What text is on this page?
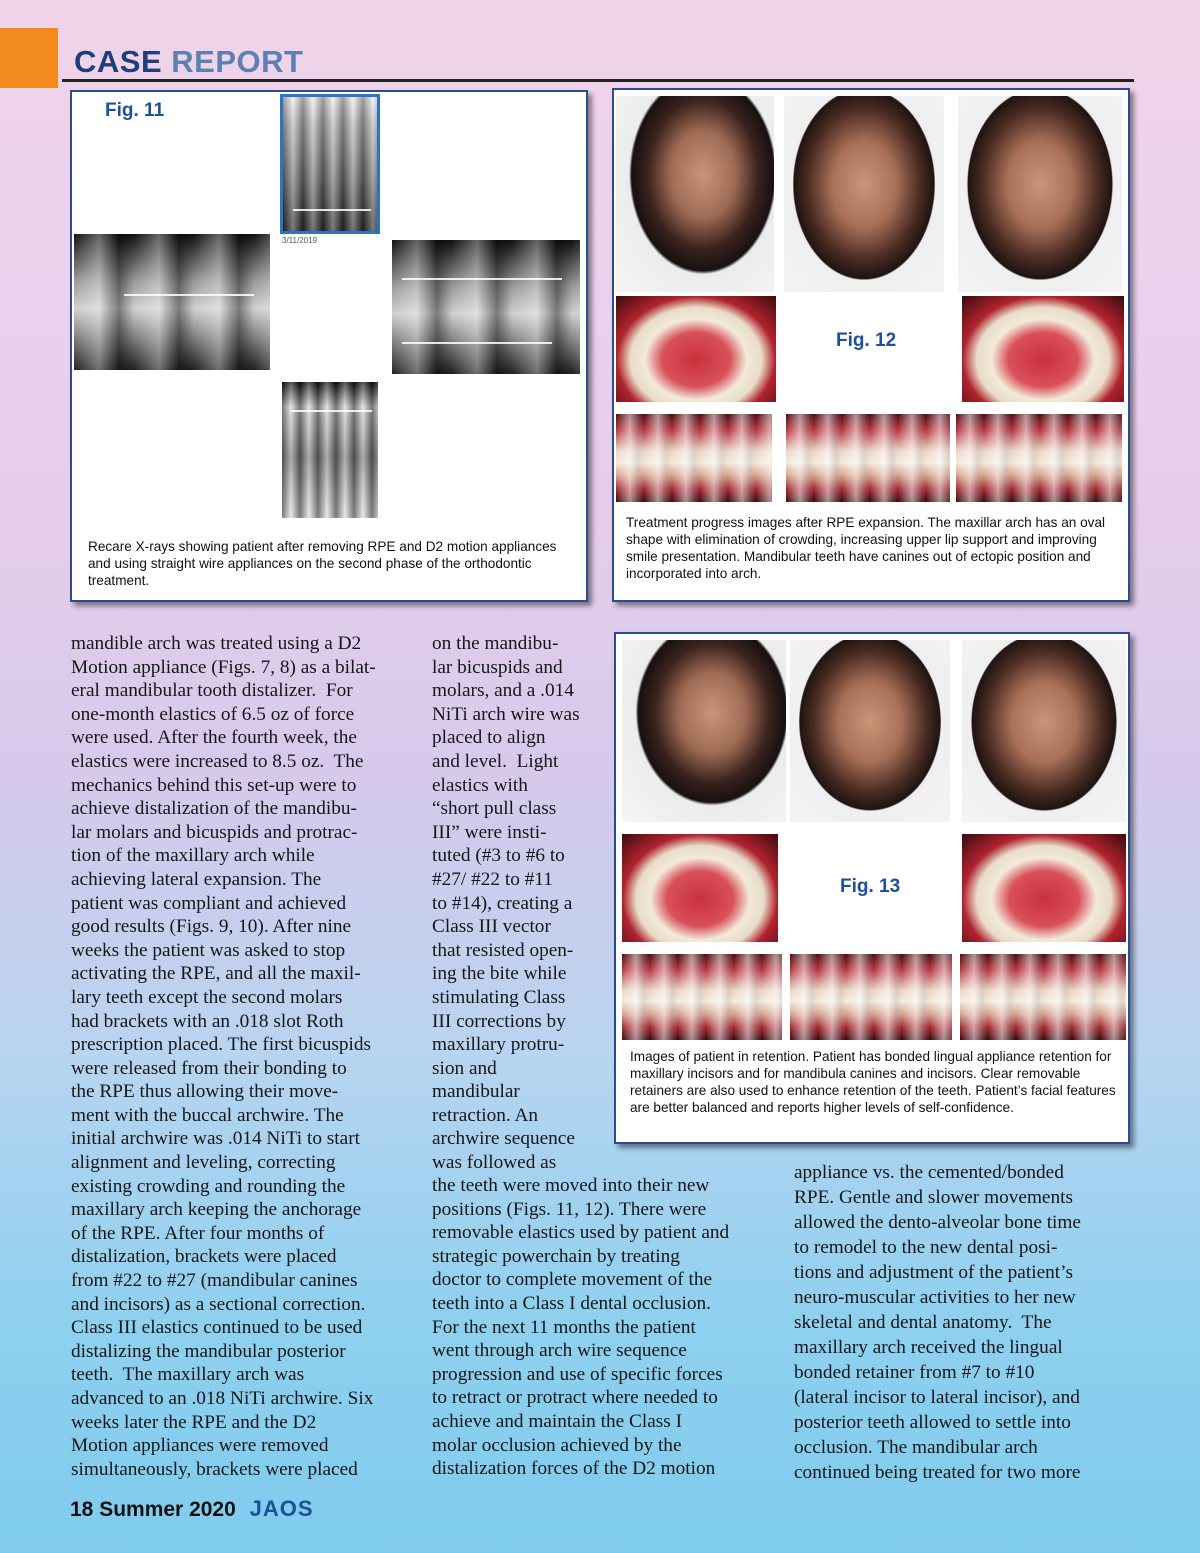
CASE REPORT
Fig. 11
3/11/2019
Recare X-rays showing patient after removing RPE and D2 motion appliances and using straight wire appliances on the second phase of the orthodontic treatment.
Fig. 12
Treatment progress images after RPE expansion. The maxillar arch has an oval shape with elimination of crowding, increasing upper lip support and improving smile presentation. Mandibular teeth have canines out of ectopic position and incorporated into arch.
Fig. 13
Images of patient in retention. Patient has bonded lingual appliance retention for maxillary incisors and for mandibula canines and incisors. Clear removable retainers are also used to enhance retention of the teeth. Patient’s facial features are better balanced and reports higher levels of self-confidence.

mandible arch was treated using a D2

Motion appliance (Figs. 7, 8) as a bilat-

eral mandibular tooth distalizer.  For

one-month elastics of 6.5 oz of force

were used. After the fourth week, the

elastics were increased to 8.5 oz.  The

mechanics behind this set-up were to

achieve distalization of the mandibu-

lar molars and bicuspids and protrac-

tion of the maxillary arch while

achieving lateral expansion. The

patient was compliant and achieved

good results (Figs. 9, 10). After nine

weeks the patient was asked to stop

activating the RPE, and all the maxil-

lary teeth except the second molars

had brackets with an .018 slot Roth

prescription placed. The first bicuspids

were released from their bonding to

the RPE thus allowing their move-

ment with the buccal archwire. The

initial archwire was .014 NiTi to start

alignment and leveling, correcting

existing crowding and rounding the

maxillary arch keeping the anchorage

of the RPE. After four months of

distalization, brackets were placed

from #22 to #27 (mandibular canines

and incisors) as a sectional correction.

Class III elastics continued to be used

distalizing the mandibular posterior

teeth.  The maxillary arch was

advanced to an .018 NiTi archwire. Six

weeks later the RPE and the D2

Motion appliances were removed

simultaneously, brackets were placed

on the mandibu-

lar bicuspids and

molars, and a .014

NiTi arch wire was

placed to align

and level.  Light

elastics with

“short pull class

III” were insti-

tuted (#3 to #6 to

#27/ #22 to #11

to #14), creating a

Class III vector

that resisted open-

ing the bite while

stimulating Class

III corrections by

maxillary protru-

sion and

mandibular

retraction. An

archwire sequence

was followed as

the teeth were moved into their new

positions (Figs. 11, 12). There were

removable elastics used by patient and

strategic powerchain by treating

doctor to complete movement of the

teeth into a Class I dental occlusion.

For the next 11 months the patient

went through arch wire sequence

progression and use of specific forces

to retract or protract where needed to

achieve and maintain the Class I

molar occlusion achieved by the

distalization forces of the D2 motion

appliance vs. the cemented/bonded

RPE. Gentle and slower movements

allowed the dento-alveolar bone time

to remodel to the new dental posi-

tions and adjustment of the patient’s

neuro-muscular activities to her new

skeletal and dental anatomy.  The

maxillary arch received the lingual

bonded retainer from #7 to #10

(lateral incisor to lateral incisor), and

posterior teeth allowed to settle into

occlusion. The mandibular arch

continued being treated for two more

18 Summer 2020 JAOS
